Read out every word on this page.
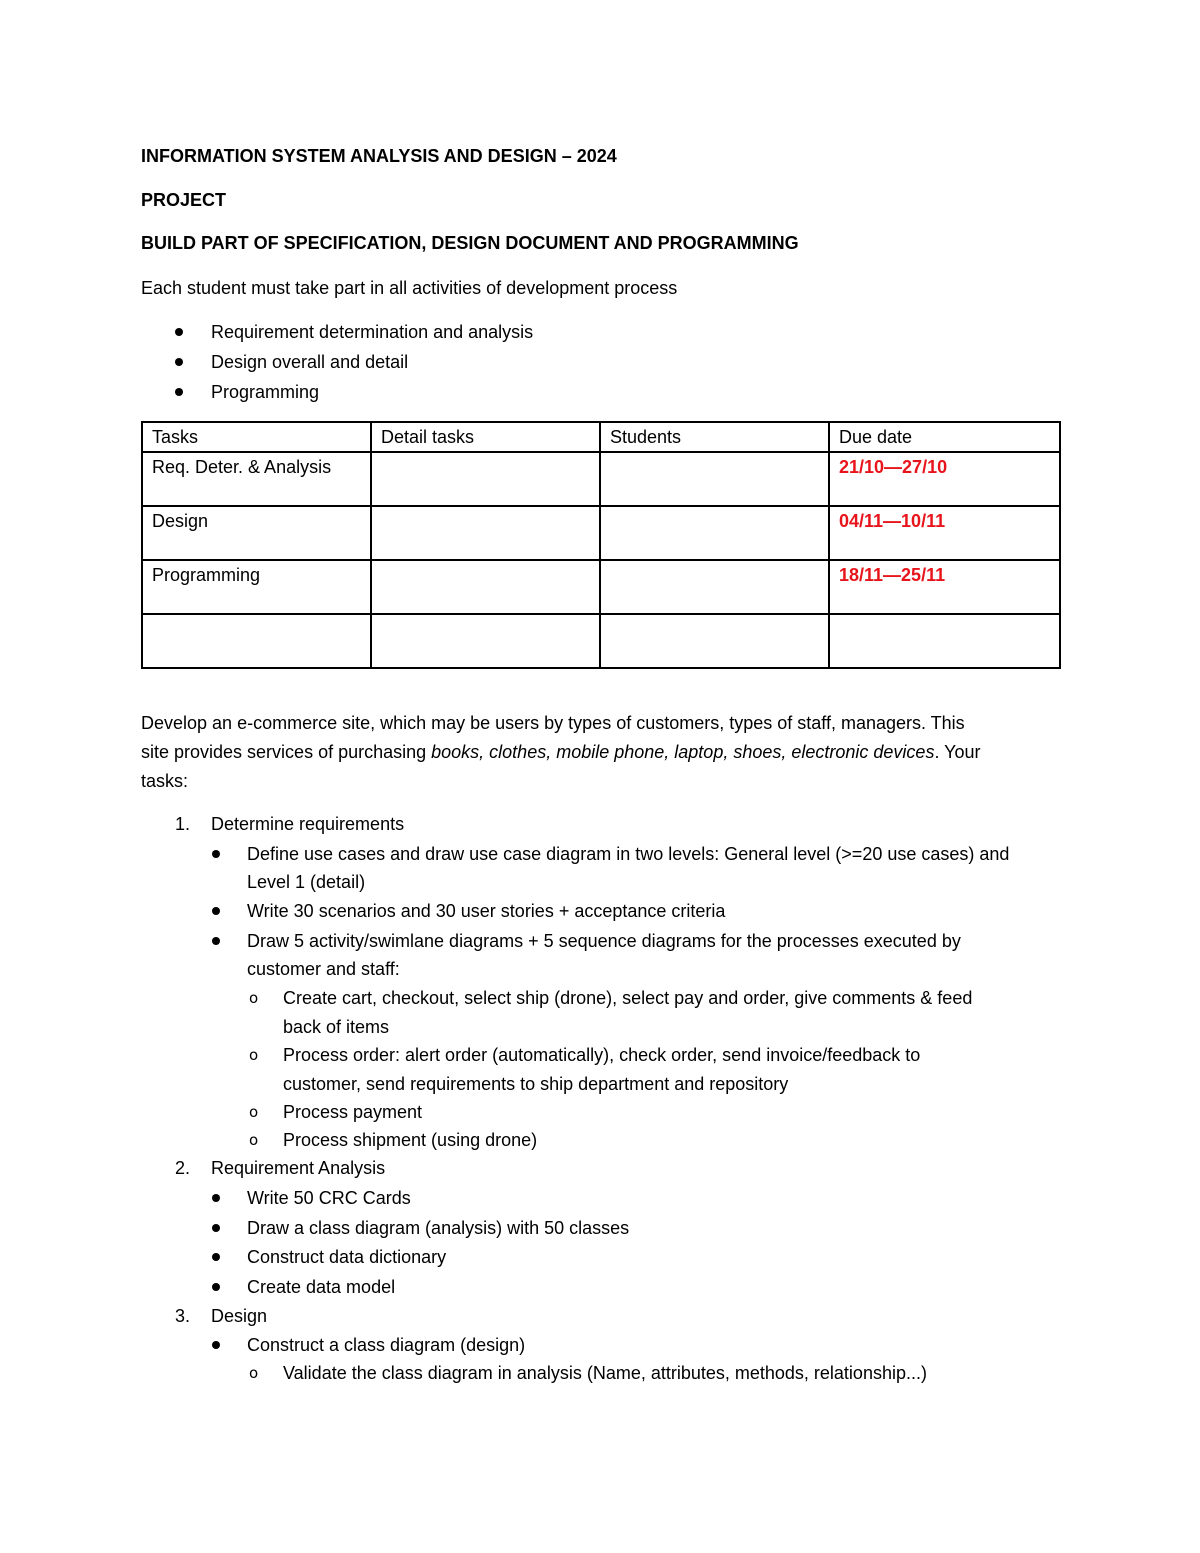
INFORMATION SYSTEM ANALYSIS AND DESIGN – 2024
PROJECT
BUILD PART OF SPECIFICATION, DESIGN DOCUMENT AND PROGRAMMING
Each student must take part in all activities of development process
Requirement determination and analysis
Design overall and detail
Programming
Tasks	Detail tasks	Students	Due date
Req. Deter. & Analysis			21/10—27/10
Design			04/11—10/11
Programming			18/11—25/11

Develop an e-commerce site, which may be users by types of customers, types of staff, managers. This
site provides services of purchasing books, clothes, mobile phone, laptop, shoes, electronic devices. Your
tasks:
1. Determine requirements
Define use cases and draw use case diagram in two levels: General level (>=20 use cases) and
Level 1 (detail)
Write 30 scenarios and 30 user stories + acceptance criteria
Draw 5 activity/swimlane diagrams + 5 sequence diagrams for the processes executed by
customer and staff:
o Create cart, checkout, select ship (drone), select pay and order, give comments & feed
back of items
o Process order: alert order (automatically), check order, send invoice/feedback to
customer, send requirements to ship department and repository
o Process payment
o Process shipment (using drone)
2. Requirement Analysis
Write 50 CRC Cards
Draw a class diagram (analysis) with 50 classes
Construct data dictionary
Create data model
3. Design
Construct a class diagram (design)
o Validate the class diagram in analysis (Name, attributes, methods, relationship...)
